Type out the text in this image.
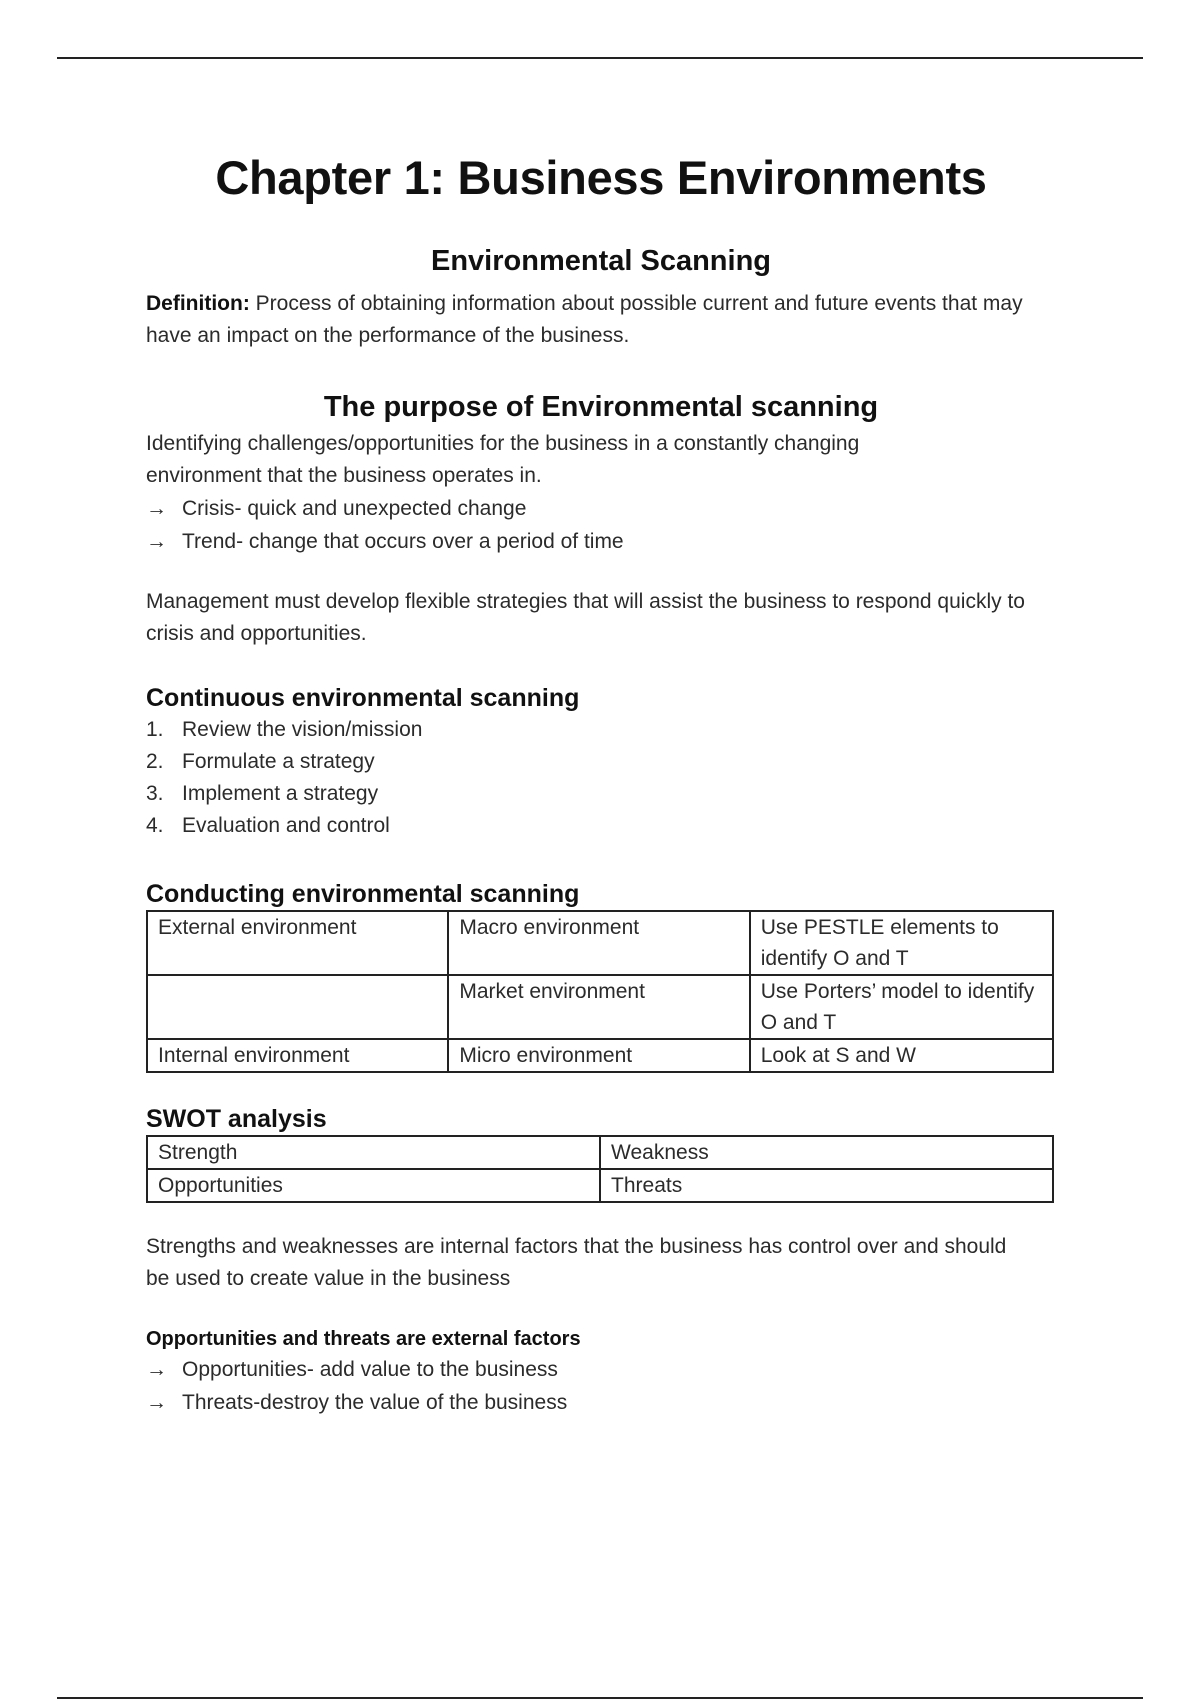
Chapter 1: Business Environments
Environmental Scanning

Definition: Process of obtaining information about possible current and future events that may have an impact on the performance of the business.

The purpose of Environmental scanning

Identifying challenges/opportunities for the business in a constantly changing environment that the business operates in.

→ Crisis- quick and unexpected change
→ Trend- change that occurs over a period of time

Management must develop flexible strategies that will assist the business to respond quickly to crisis and opportunities.

Continuous environmental scanning
1. Review the vision/mission
2. Formulate a strategy
3. Implement a strategy
4. Evaluation and control
Conducting environmental scanning
External environment	Macro environment	Use PESTLE elements to identify O and T
	Market environment	Use Porters’ model to identify O and T
Internal environment	Micro environment	Look at S and W
SWOT analysis
Strength	Weakness
Opportunities	Threats

Strengths and weaknesses are internal factors that the business has control over and should be used to create value in the business

Opportunities and threats are external factors
→ Opportunities- add value to the business
→ Threats-destroy the value of the business
